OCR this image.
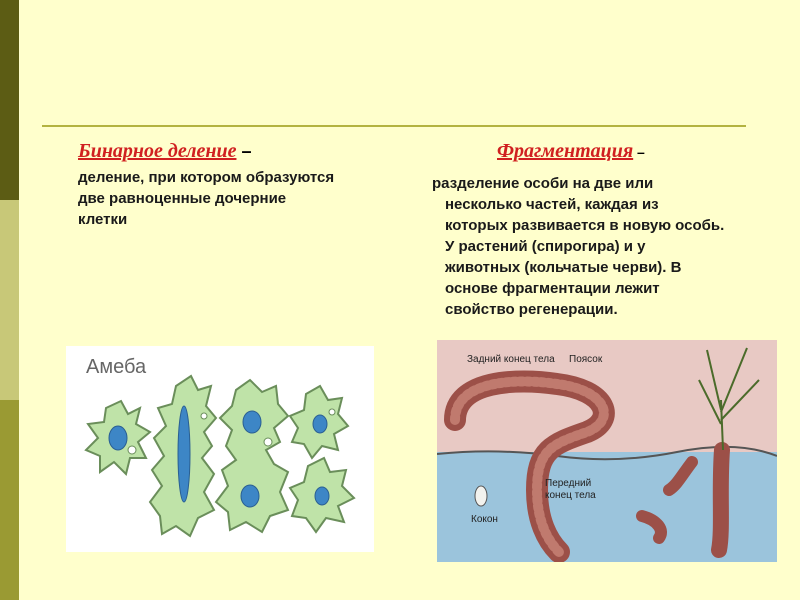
Бинарное деление –
деление, при котором образуются
две равноценные дочерние
клетки
Фрагментация –
разделение особи на две или
несколько частей, каждая из
которых развивается в новую особь.
У растений (спирогира) и у
животных (кольчатые черви). В
основе фрагментации лежит
свойство регенерации.
Амеба	Задний конец тела Поясок
Передний
конец тела
Кокон
